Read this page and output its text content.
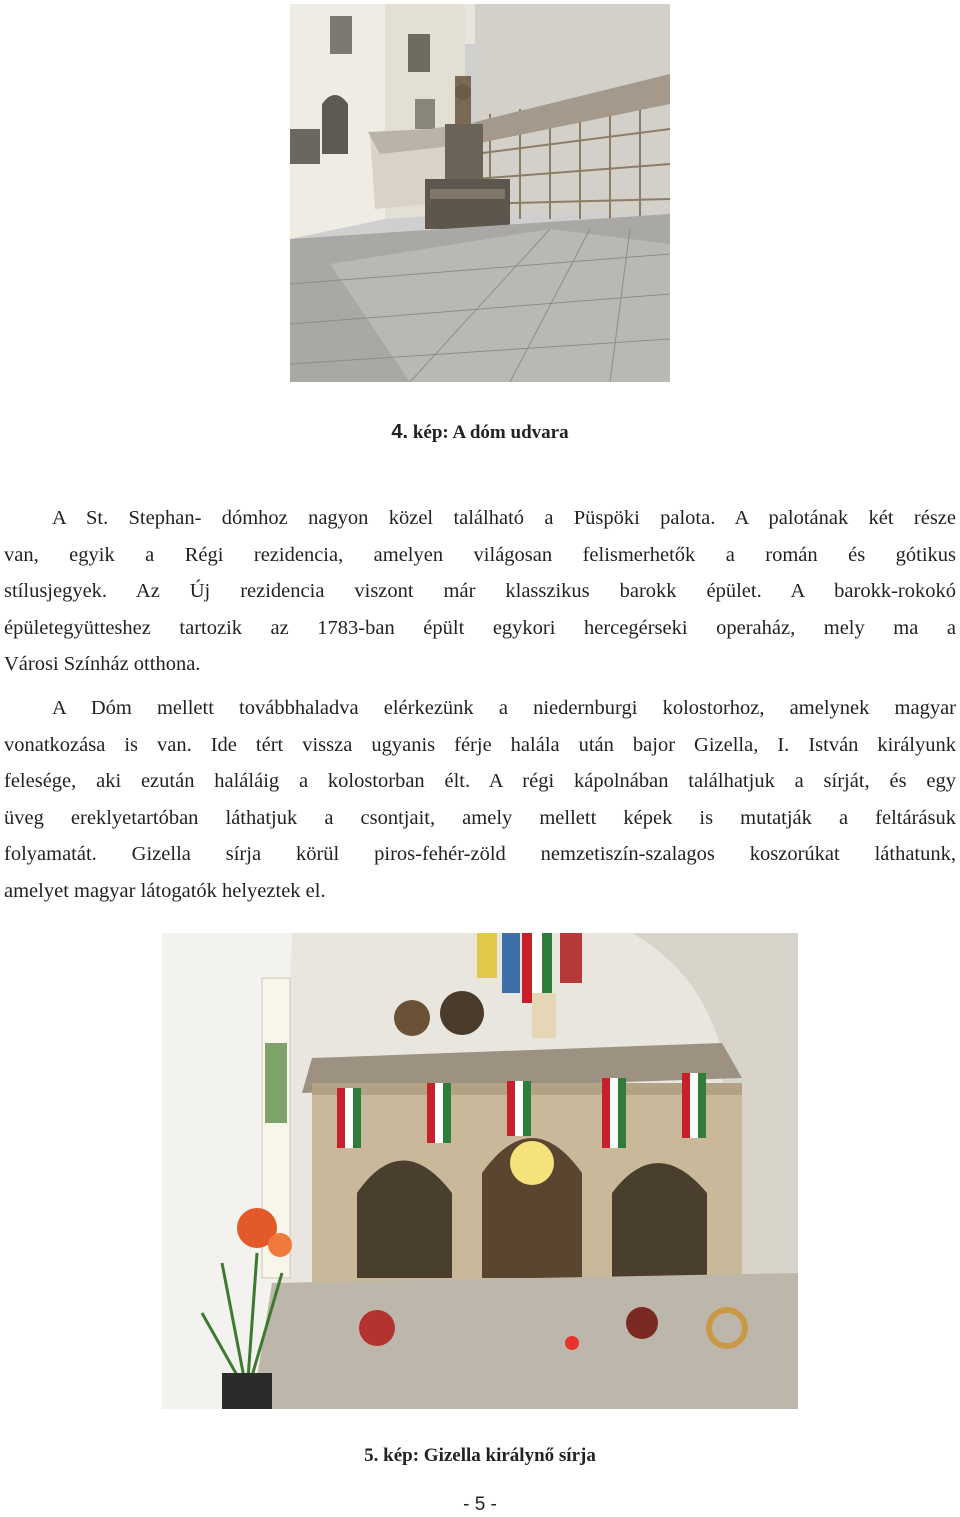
4. kép: A dóm udvara
A St. Stephan- dómhoz nagyon közel található a Püspöki palota. A palotának két része
van, egyik a Régi rezidencia, amelyen világosan felismerhetők a román és gótikus
stílusjegyek. Az Új rezidencia viszont már klasszikus barokk épület. A barokk-rokokó
épületegyütteshez tartozik az 1783-ban épült egykori hercegérseki operaház, mely ma a
Városi Színház otthona.
A Dóm mellett továbbhaladva elérkezünk a niedernburgi kolostorhoz, amelynek magyar
vonatkozása is van. Ide tért vissza ugyanis férje halála után bajor Gizella, I. István királyunk
felesége, aki ezután haláláig a kolostorban élt. A régi kápolnában találhatjuk a sírját, és egy
üveg ereklyetartóban láthatjuk a csontjait, amely mellett képek is mutatják a feltárásuk
folyamatát. Gizella sírja körül piros-fehér-zöld nemzetiszín-szalagos koszorúkat láthatunk,
amelyet magyar látogatók helyeztek el.
5. kép: Gizella királynő sírja
- 5 -
